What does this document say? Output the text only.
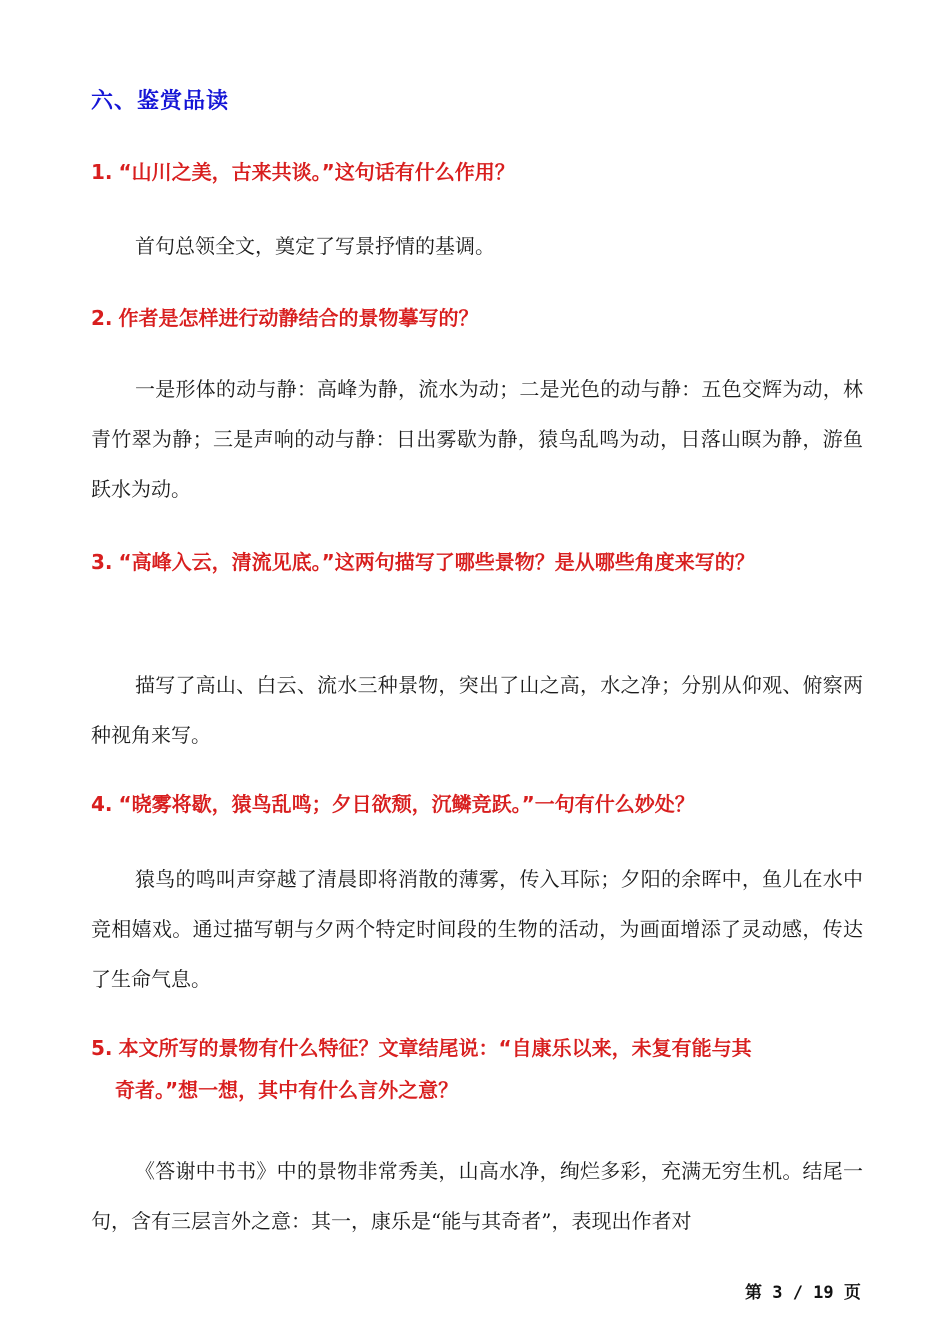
六、鉴赏品读

1. “山川之美，古来共谈。”这句话有什么作用？

首句总领全文，奠定了写景抒情的基调。

2. 作者是怎样进行动静结合的景物摹写的？

一是形体的动与静：高峰为静，流水为动；二是光色的动与静：五色交辉为动，林青竹翠为静；三是声响的动与静：日出雾歇为静，猿鸟乱鸣为动，日落山暝为静，游鱼跃水为动。

3. “高峰入云，清流见底。”这两句描写了哪些景物？是从哪些角度来写的？

描写了高山、白云、流水三种景物，突出了山之高，水之净；分别从仰观、俯察两种视角来写。

4. “晓雾将歇，猿鸟乱鸣；夕日欲颓，沉鳞竞跃。”一句有什么妙处？

猿鸟的鸣叫声穿越了清晨即将消散的薄雾，传入耳际；夕阳的余晖中，鱼儿在水中竞相嬉戏。通过描写朝与夕两个特定时间段的生物的活动，为画面增添了灵动感，传达了生命气息。

5. 本文所写的景物有什么特征？文章结尾说：“自康乐以来，未复有能与其
奇者。”想一想，其中有什么言外之意？

《答谢中书书》中的景物非常秀美，山高水净，绚烂多彩，充满无穷生机。结尾一句，含有三层言外之意：其一，康乐是“能与其奇者”，表现出作者对

第 3 / 19 页
